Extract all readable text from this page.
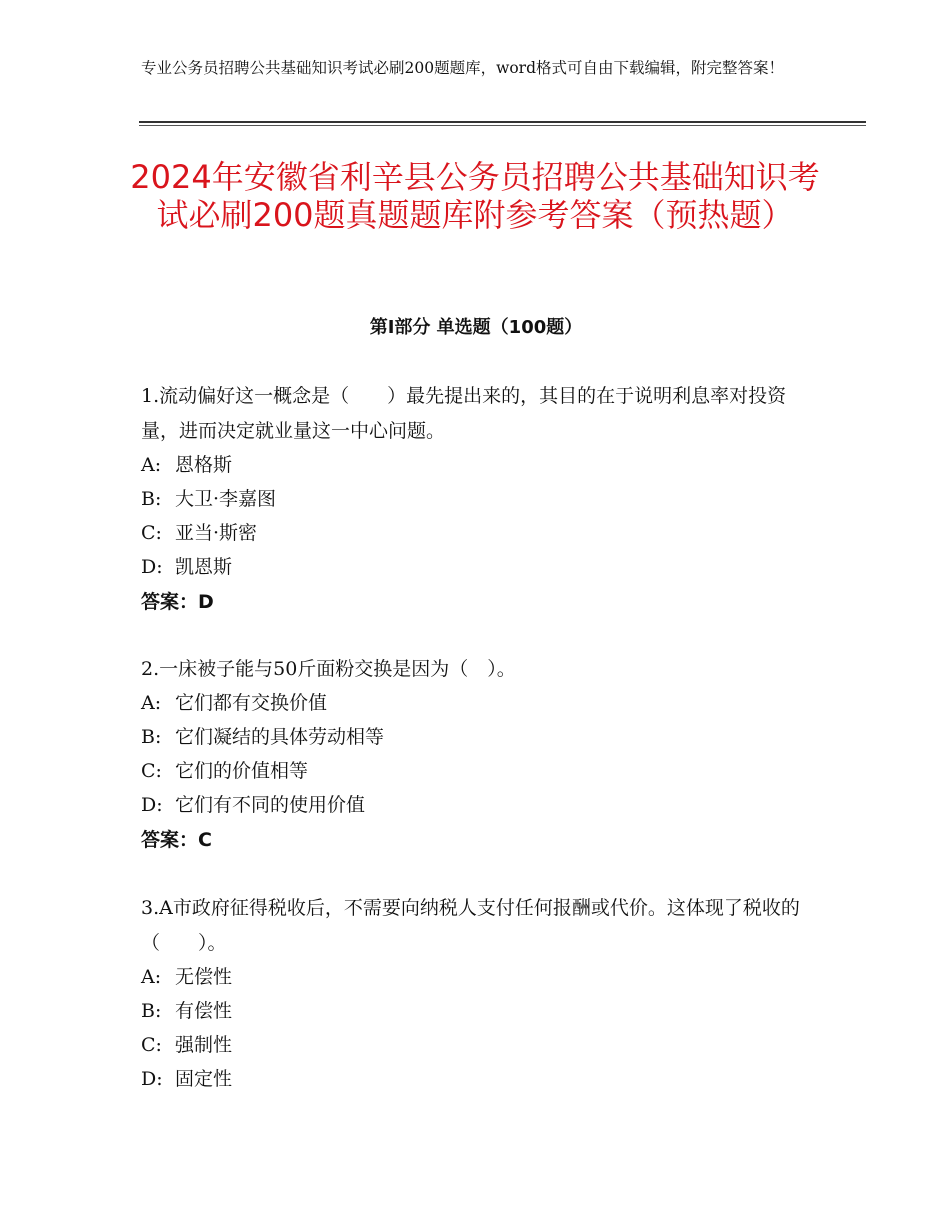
专业公务员招聘公共基础知识考试必刷200题题库，word格式可自由下载编辑，附完整答案！
2024年安徽省利辛县公务员招聘公共基础知识考试必刷200题真题题库附参考答案（预热题）
第Ⅰ部分 单选题（100题）

1.流动偏好这一概念是（　　）最先提出来的，其目的在于说明利息率对投资量，进而决定就业量这一中心问题。

A: 恩格斯
B: 大卫·李嘉图
C: 亚当·斯密
D: 凯恩斯
答案：D

2.一床被子能与50斤面粉交换是因为（　）。

A: 它们都有交换价值
B: 它们凝结的具体劳动相等
C: 它们的价值相等
D: 它们有不同的使用价值
答案：C

3.A市政府征得税收后，不需要向纳税人支付任何报酬或代价。这体现了税收的（　　）。

A: 无偿性
B: 有偿性
C: 强制性
D: 固定性
